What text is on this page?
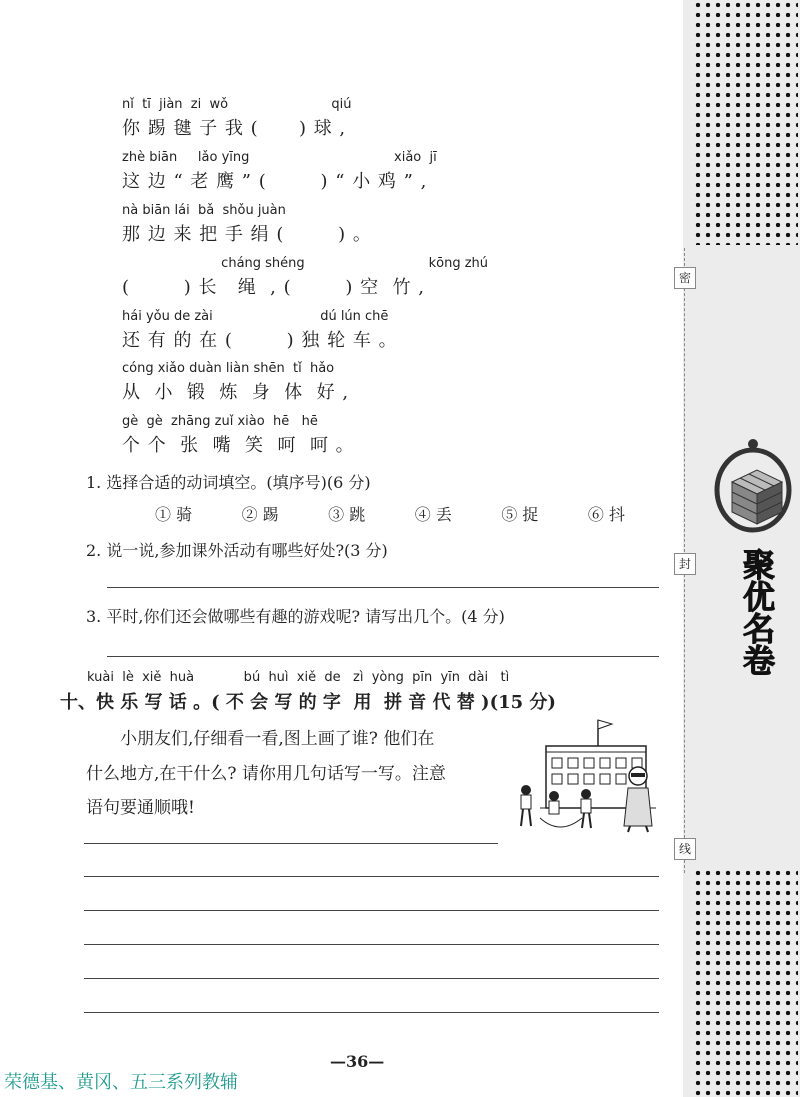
密
封
线
聚优名卷
nǐ  tī  jiàn  zi  wǒ                         qiú
你 踢 毽 子 我 (      ) 球 ,
zhè biān     lǎo yīng                                   xiǎo  jī
这 边 “ 老 鹰 ” (        ) “ 小 鸡 ” ,
nà biān lái  bǎ  shǒu juàn
那 边 来 把 手 绢 (        ) 。
cháng shéng                              kōng zhú
(        ) 长   绳  , (        ) 空  竹 ,
hái yǒu de zài                          dú lún chē
还 有 的 在 (        ) 独 轮 车 。
cóng xiǎo duàn liàn shēn  tǐ  hǎo
从  小  锻  炼  身  体  好 ,
gè  gè  zhāng zuǐ xiào  hē   hē
个 个  张  嘴  笑  呵  呵 。
1. 选择合适的动词填空。(填序号)(6 分)
① 骑	② 踢	③ 跳	④ 丢	⑤ 捉	⑥ 抖
2. 说一说,参加课外活动有哪些好处?(3 分)
3. 平时,你们还会做哪些有趣的游戏呢? 请写出几个。(4 分)
kuài  lè  xiě  huà            bú  huì  xiě  de   zì  yòng  pīn  yīn  dài   tì
十、快 乐 写 话 。( 不 会 写 的 字  用  拼 音 代 替 )(15 分)
小朋友们,仔细看一看,图上画了谁? 他们在
什么地方,在干什么? 请你用几句话写一写。注意
语句要通顺哦!
—36—
荣德基、黄冈、五三系列教辅
